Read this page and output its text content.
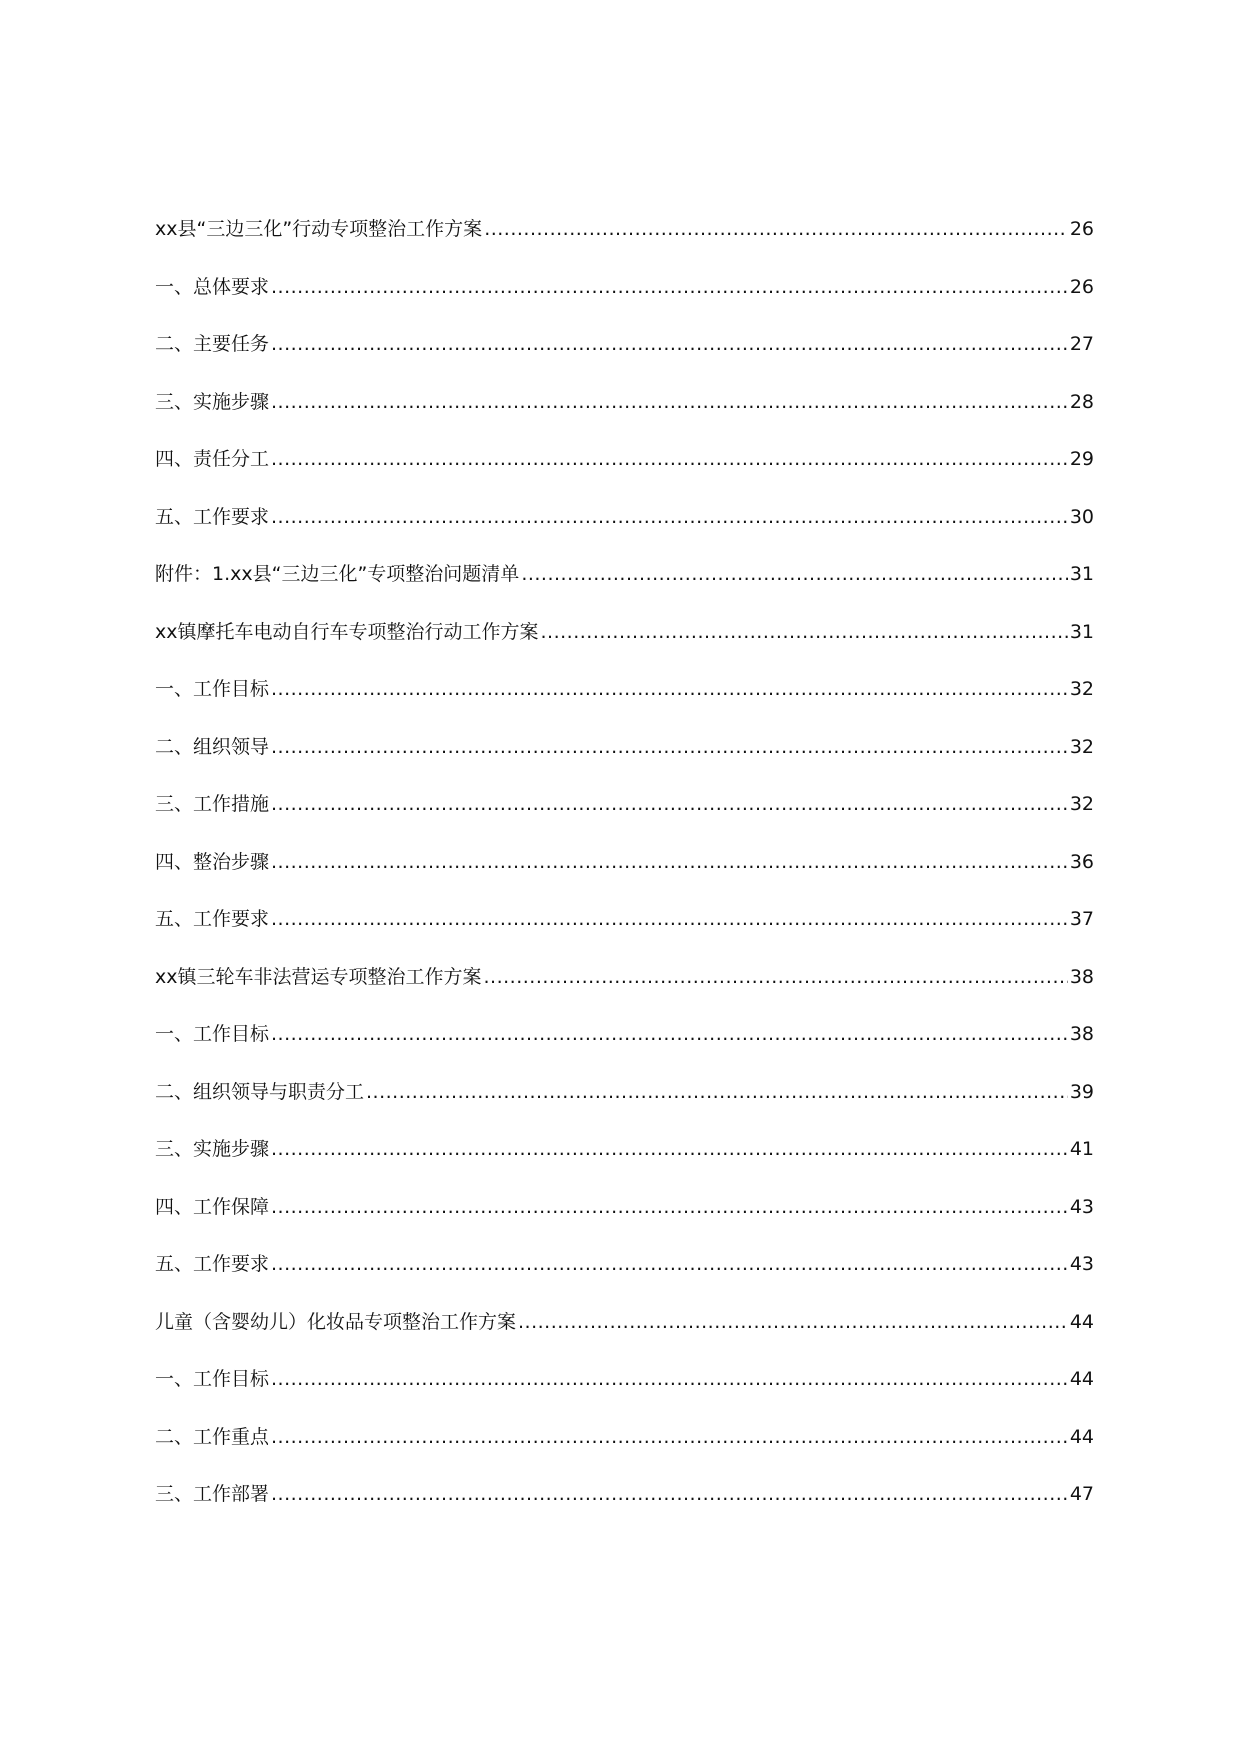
xx县“三边三化”行动专项整治工作方案 .....	26
一、总体要求 .....	26
二、主要任务 .....	27
三、实施步骤 .....	28
四、责任分工 .....	29
五、工作要求 .....	30
附件：1.xx县“三边三化”专项整治问题清单 .....	31
xx镇摩托车电动自行车专项整治行动工作方案 .....	31
一、工作目标 .....	32
二、组织领导 .....	32
三、工作措施 .....	32
四、整治步骤 .....	36
五、工作要求 .....	37
xx镇三轮车非法营运专项整治工作方案 .....	38
一、工作目标 .....	38
二、组织领导与职责分工 .....	39
三、实施步骤 .....	41
四、工作保障 .....	43
五、工作要求 .....	43
儿童（含婴幼儿）化妆品专项整治工作方案 .....	44
一、工作目标 .....	44
二、工作重点 .....	44
三、工作部署 .....	47
